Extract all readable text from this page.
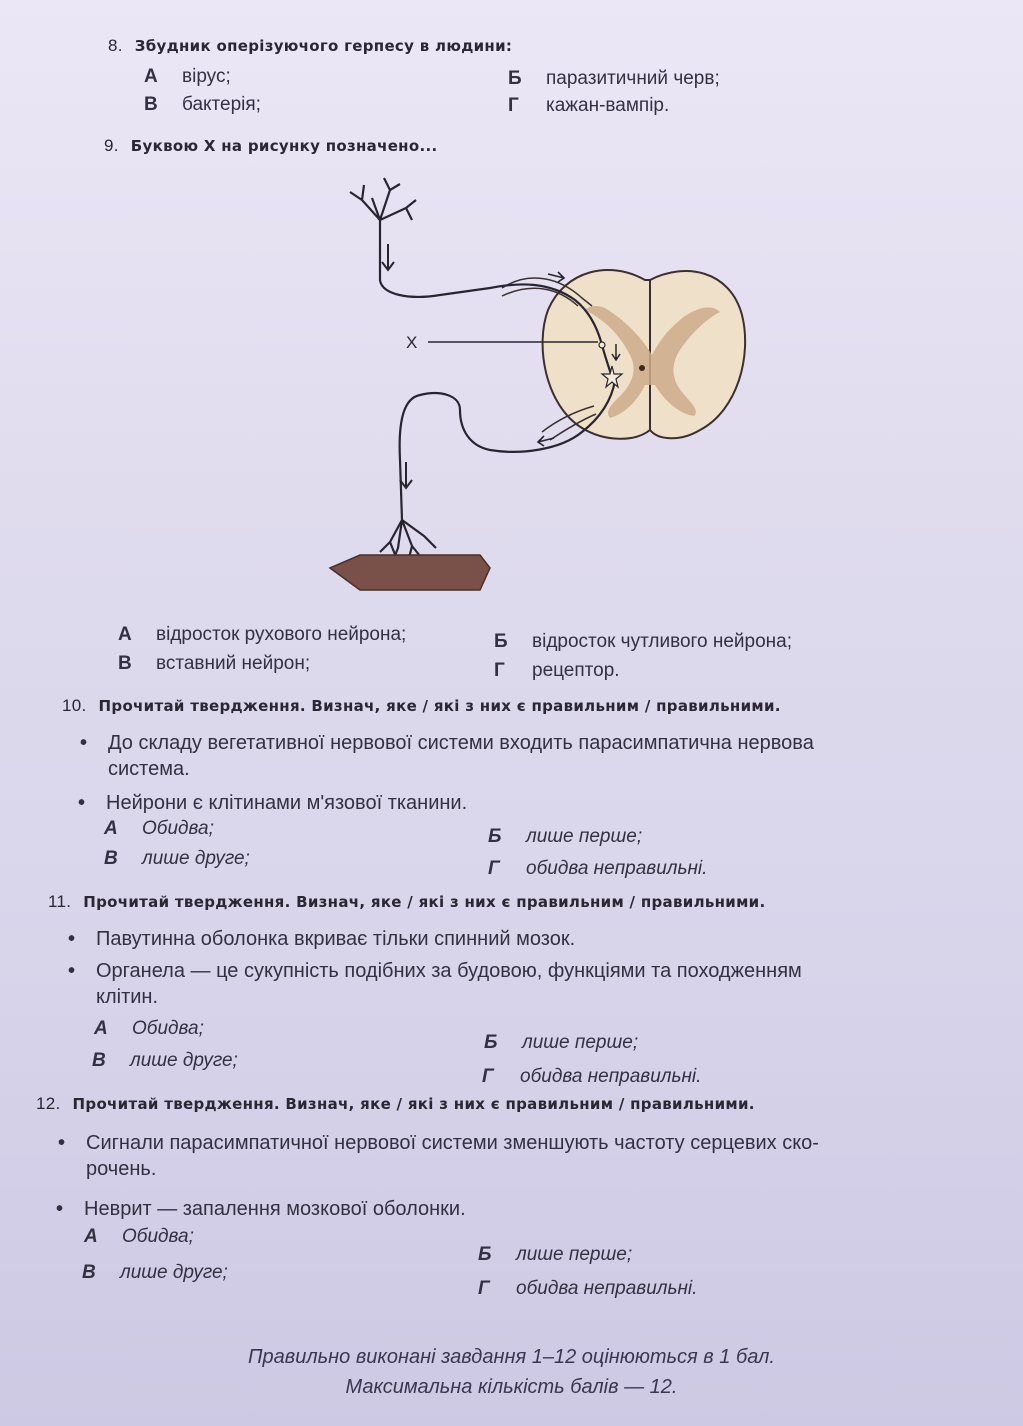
8. Збудник оперізуючого герпесу в людини:
А вірус;	Б паразитичний черв;
В бактерія;	Г кажан-вампір.
9. Буквою Х на рисунку позначено...
Х
А відросток рухового нейрона;	Б відросток чутливого нейрона;
В вставний нейрон;	Г рецептор.
10. Прочитай твердження. Визнач, яке / які з них є правильним / правильними.
• До складу вегетативної нервової системи входить парасимпатична нервова
система.
• Нейрони є клітинами м'язової тканини.
А Обидва;	Б лише перше;
В лише друге;	Г обидва неправильні.
11. Прочитай твердження. Визнач, яке / які з них є правильним / правильними.
• Павутинна оболонка вкриває тільки спинний мозок.
• Органела — це сукупність подібних за будовою, функціями та походженням
клітин.
А Обидва;
Б лише перше;
В лише друге;
Г обидва неправильні.
12. Прочитай твердження. Визнач, яке / які з них є правильним / правильними.
• Сигнали парасимпатичної нервової системи зменшують частоту серцевих ско-
рочень.
• Неврит — запалення мозкової оболонки.
А Обидва;
Б лише перше;
В лише друге;
Г обидва неправильні.
Правильно виконані завдання 1–12 оцінюються в 1 бал.
Максимальна кількість балів — 12.
